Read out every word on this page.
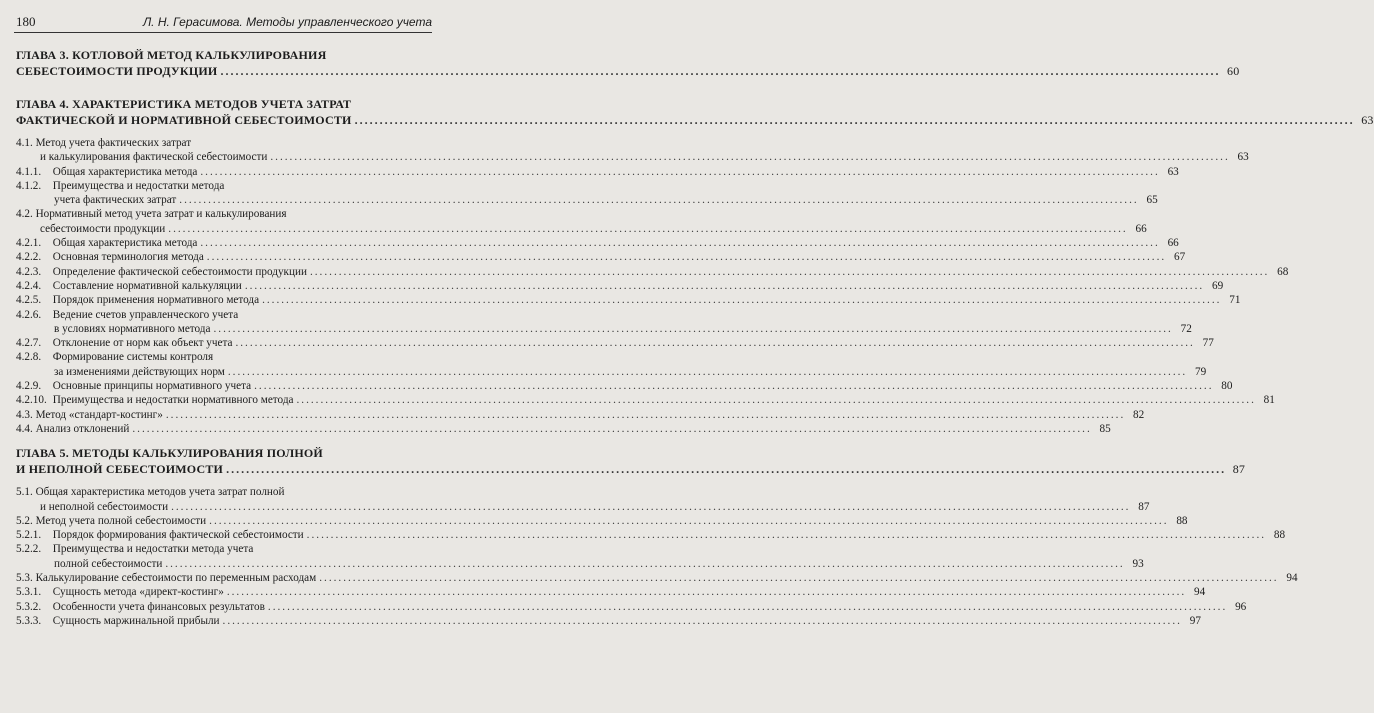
180	Л. Н. Герасимова. Методы управленческого учета
ГЛАВА 3. КОТЛОВОЙ МЕТОД КАЛЬКУЛИРОВАНИЯ
СЕБЕСТОИМОСТИ ПРОДУКЦИИ ........................................................................................................................................................................................................ 60
ГЛАВА 4. ХАРАКТЕРИСТИКА МЕТОДОВ УЧЕТА ЗАТРАТ
ФАКТИЧЕСКОЙ И НОРМАТИВНОЙ СЕБЕСТОИМОСТИ ........................................................................................................................................................................................................ 63
4.1. Метод учета фактических затрат
и калькулирования фактической себестоимости ........................................................................................................................................................................................................ 63
4.1.1. Общая характеристика метода ........................................................................................................................................................................................................ 63
4.1.2. Преимущества и недостатки метода
учета фактических затрат ........................................................................................................................................................................................................ 65
4.2. Нормативный метод учета затрат и калькулирования
себестоимости продукции ........................................................................................................................................................................................................ 66
4.2.1. Общая характеристика метода ........................................................................................................................................................................................................ 66
4.2.2. Основная терминология метода ........................................................................................................................................................................................................ 67
4.2.3. Определение фактической себестоимости продукции ........................................................................................................................................................................................................ 68
4.2.4. Составление нормативной калькуляции ........................................................................................................................................................................................................ 69
4.2.5. Порядок применения нормативного метода ........................................................................................................................................................................................................ 71
4.2.6. Ведение счетов управленческого учета
в условиях нормативного метода ........................................................................................................................................................................................................ 72
4.2.7. Отклонение от норм как объект учета ........................................................................................................................................................................................................ 77
4.2.8. Формирование системы контроля
за изменениями действующих норм ........................................................................................................................................................................................................ 79
4.2.9. Основные принципы нормативного учета ........................................................................................................................................................................................................ 80
4.2.10. Преимущества и недостатки нормативного метода ........................................................................................................................................................................................................ 81
4.3. Метод «стандарт-костинг» ........................................................................................................................................................................................................ 82
4.4. Анализ отклонений ........................................................................................................................................................................................................ 85
ГЛАВА 5. МЕТОДЫ КАЛЬКУЛИРОВАНИЯ ПОЛНОЙ
И НЕПОЛНОЙ СЕБЕСТОИМОСТИ ........................................................................................................................................................................................................ 87
5.1. Общая характеристика методов учета затрат полной
и неполной себестоимости ........................................................................................................................................................................................................ 87
5.2. Метод учета полной себестоимости ........................................................................................................................................................................................................ 88
5.2.1. Порядок формирования фактической себестоимости ........................................................................................................................................................................................................ 88
5.2.2. Преимущества и недостатки метода учета
полной себестоимости ........................................................................................................................................................................................................ 93
5.3. Калькулирование себестоимости по переменным расходам ........................................................................................................................................................................................................ 94
5.3.1. Сущность метода «директ-костинг» ........................................................................................................................................................................................................ 94
5.3.2. Особенности учета финансовых результатов ........................................................................................................................................................................................................ 96
5.3.3. Сущность маржинальной прибыли ........................................................................................................................................................................................................ 97
